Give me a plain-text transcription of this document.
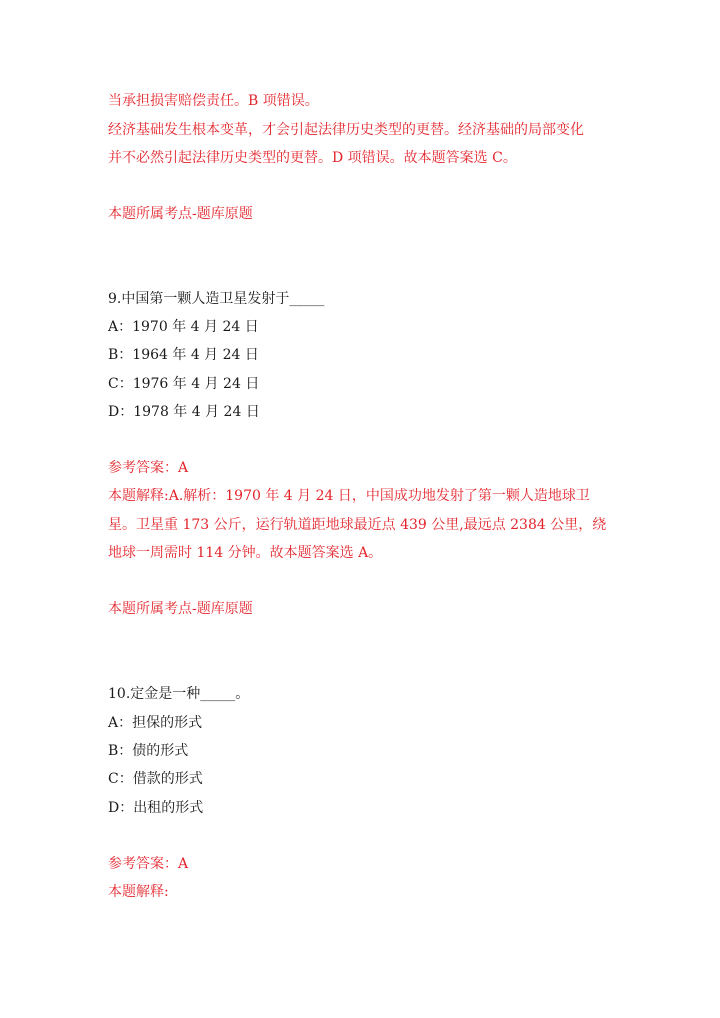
当承担损害赔偿责任。B 项错误。
经济基础发生根本变革，才会引起法律历史类型的更替。经济基础的局部变化
并不必然引起法律历史类型的更替。D 项错误。故本题答案选 C。
本题所属考点-题库原题
9.中国第一颗人造卫星发射于_____
A：1970 年 4 月 24 日
B：1964 年 4 月 24 日
C：1976 年 4 月 24 日
D：1978 年 4 月 24 日
参考答案：A
本题解释:A.解析：1970 年 4 月 24 日，中国成功地发射了第一颗人造地球卫
星。卫星重 173 公斤，运行轨道距地球最近点 439 公里,最远点 2384 公里，绕
地球一周需时 114 分钟。故本题答案选 A。
本题所属考点-题库原题
10.定金是一种_____。
A：担保的形式
B：债的形式
C：借款的形式
D：出租的形式
参考答案：A
本题解释:
